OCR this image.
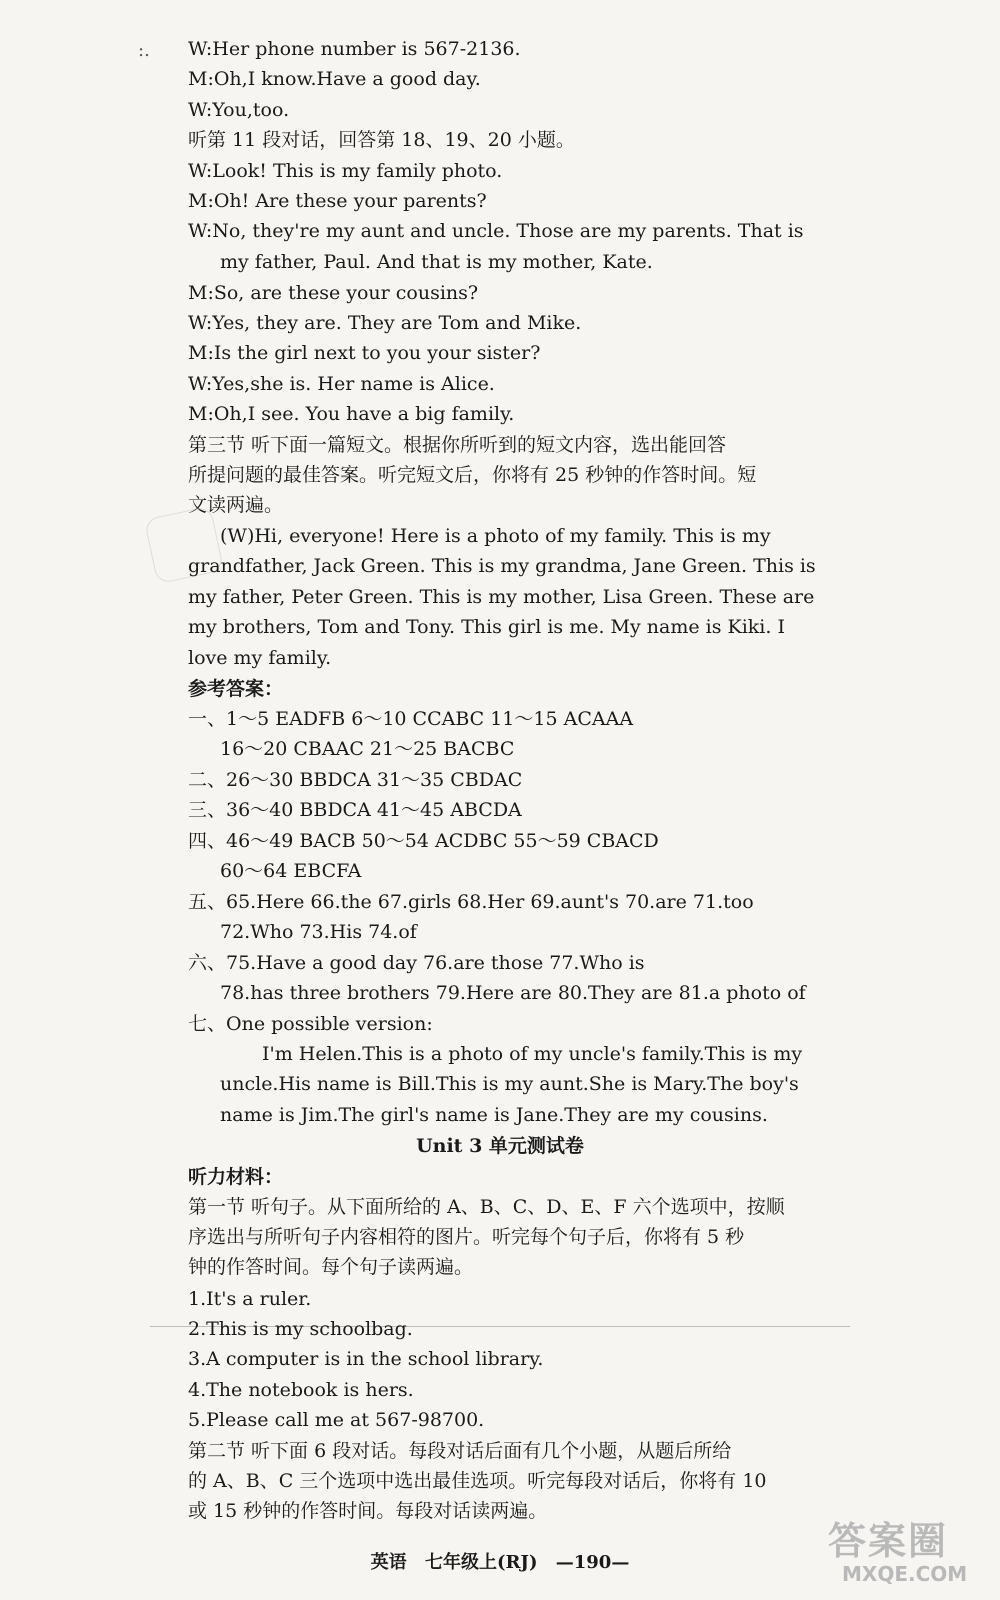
:. W:Her phone number is 567-2136.
M:Oh,I know.Have a good day.
W:You,too.
听第 11 段对话，回答第 18、19、20 小题。
W:Look! This is my family photo.
M:Oh! Are these your parents?
W:No, they're my aunt and uncle. Those are my parents. That is
my father, Paul. And that is my mother, Kate.
M:So, are these your cousins?
W:Yes, they are. They are Tom and Mike.
M:Is the girl next to you your sister?
W:Yes,she is. Her name is Alice.
M:Oh,I see. You have a big family.
第三节 听下面一篇短文。根据你所听到的短文内容，选出能回答
所提问题的最佳答案。听完短文后，你将有 25 秒钟的作答时间。短
文读两遍。
(W)Hi, everyone! Here is a photo of my family. This is my
grandfather, Jack Green. This is my grandma, Jane Green. This is
my father, Peter Green. This is my mother, Lisa Green. These are
my brothers, Tom and Tony. This girl is me. My name is Kiki. I
love my family.
参考答案：
一、1～5 EADFB 6～10 CCABC 11～15 ACAAA
16～20 CBAAC 21～25 BACBC
二、26～30 BBDCA 31～35 CBDAC
三、36～40 BBDCA 41～45 ABCDA
四、46～49 BACB 50～54 ACDBC 55～59 CBACD
60～64 EBCFA
五、65.Here 66.the 67.girls 68.Her 69.aunt's 70.are 71.too
72.Who 73.His 74.of
六、75.Have a good day 76.are those 77.Who is
78.has three brothers 79.Here are 80.They are 81.a photo of
七、One possible version:
I'm Helen.This is a photo of my uncle's family.This is my
uncle.His name is Bill.This is my aunt.She is Mary.The boy's
name is Jim.The girl's name is Jane.They are my cousins.
Unit 3 单元测试卷
听力材料：
第一节 听句子。从下面所给的 A、B、C、D、E、F 六个选项中，按顺
序选出与所听句子内容相符的图片。听完每个句子后，你将有 5 秒
钟的作答时间。每个句子读两遍。
1.It's a ruler.
2.This is my schoolbag.
3.A computer is in the school library.
4.The notebook is hers.
5.Please call me at 567-98700.
第二节 听下面 6 段对话。每段对话后面有几个小题，从题后所给
的 A、B、C 三个选项中选出最佳选项。听完每段对话后，你将有 10
或 15 秒钟的作答时间。每段对话读两遍。
英语 七年级上(RJ) —190—	答案圈
MXQE.COM
